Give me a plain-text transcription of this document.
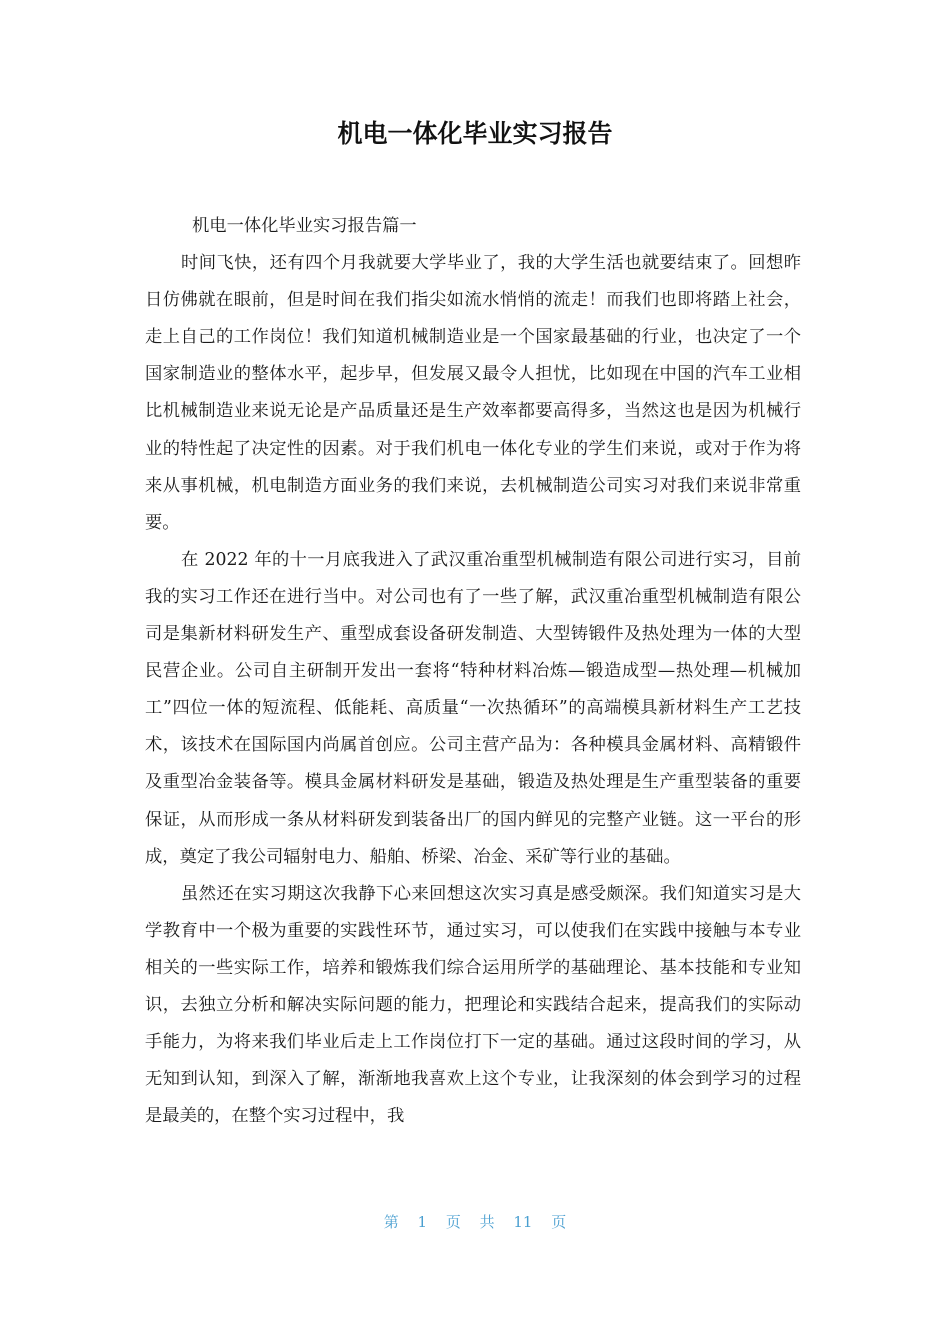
机电一体化毕业实习报告

机电一体化毕业实习报告篇一

时间飞快，还有四个月我就要大学毕业了，我的大学生活也就要结束了。回想昨日仿佛就在眼前，但是时间在我们指尖如流水悄悄的流走！而我们也即将踏上社会，走上自己的工作岗位！我们知道机械制造业是一个国家最基础的行业，也决定了一个国家制造业的整体水平，起步早，但发展又最令人担忧，比如现在中国的汽车工业相比机械制造业来说无论是产品质量还是生产效率都要高得多，当然这也是因为机械行业的特性起了决定性的因素。对于我们机电一体化专业的学生们来说，或对于作为将来从事机械，机电制造方面业务的我们来说，去机械制造公司实习对我们来说非常重要。

在 2022 年的十一月底我进入了武汉重冶重型机械制造有限公司进行实习，目前我的实习工作还在进行当中。对公司也有了一些了解，武汉重冶重型机械制造有限公司是集新材料研发生产、重型成套设备研发制造、大型铸锻件及热处理为一体的大型民营企业。公司自主研制开发出一套将“特种材料冶炼—锻造成型—热处理—机械加工”四位一体的短流程、低能耗、高质量“一次热循环”的高端模具新材料生产工艺技术，该技术在国际国内尚属首创应。公司主营产品为：各种模具金属材料、高精锻件及重型冶金装备等。模具金属材料研发是基础，锻造及热处理是生产重型装备的重要保证，从而形成一条从材料研发到装备出厂的国内鲜见的完整产业链。这一平台的形成，奠定了我公司辐射电力、船舶、桥梁、冶金、采矿等行业的基础。

虽然还在实习期这次我静下心来回想这次实习真是感受颇深。我们知道实习是大学教育中一个极为重要的实践性环节，通过实习，可以使我们在实践中接触与本专业相关的一些实际工作，培养和锻炼我们综合运用所学的基础理论、基本技能和专业知识，去独立分析和解决实际问题的能力，把理论和实践结合起来，提高我们的实际动手能力，为将来我们毕业后走上工作岗位打下一定的基础。通过这段时间的学习，从无知到认知，到深入了解，渐渐地我喜欢上这个专业，让我深刻的体会到学习的过程是最美的，在整个实习过程中，我

第 1 页 共 11 页
